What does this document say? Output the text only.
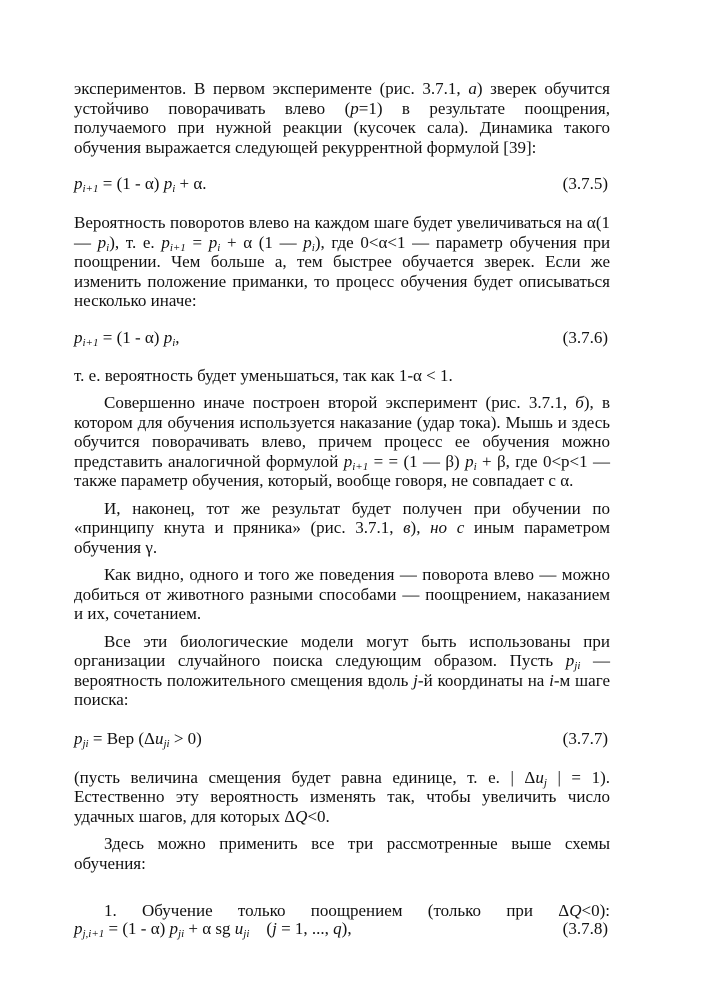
экспериментов. В первом эксперименте (рис. 3.7.1, а) зверек обучится устойчиво поворачивать влево (р=1) в результате поощрения, получаемого при нужной реакции (кусочек сала). Динамика такого обучения выражается следующей рекуррентной формулой [39]:

$p_{i+1} = (1 - \alpha) p_i + \alpha$.	(3.7.5)

Вероятность поворотов влево на каждом шаге будет увеличиваться на α(1— $p_i$), т. е. $p_{i+1} = p_i + \alpha$ (1 — $p_i$), где 0<α<1 — параметр обучения при поощрении. Чем больше а, тем быстрее обучается зверек. Если же изменить положение приманки, то процесс обучения будет описываться несколько иначе:

$p_{i+1} = (1 - \alpha)$ $p_i$,	(3.7.6)

т. е. вероятность будет уменьшаться, так как 1-α < 1.

Совершенно иначе построен второй эксперимент (рис. 3.7.1, б), в котором для обучения используется наказание (удар тока). Мышь и здесь обучится поворачивать влево, причем процесс ее обучения можно представить аналогичной формулой $p_{i+1}$ = = (1 — β) $p_i + \beta$, где 0<p<1 — также параметр обучения, который, вообще говоря, не совпадает с α.

И, наконец, тот же результат будет получен при обучении по «принципу кнута и пряника» (рис. 3.7.1, в), но с иным параметром обучения γ.

Как видно, одного и того же поведения — поворота влево — можно добиться от животного разными способами — поощрением, наказанием и их, сочетанием.

Все эти биологические модели могут быть использованы при организации случайного поиска следующим образом. Пусть $p_{ji}$ — вероятность положительного смещения вдоль j-й координаты на i-м шаге поиска:

$p_{ji}$ = Вер $(\Delta u_{ji} > 0)$	(3.7.7)

(пусть величина смещения будет равна единице, т. е. | $\Delta u_j$ | = 1). Естественно эту вероятность изменять так, чтобы увеличить число удачных шагов, для которых ΔQ<0.

Здесь можно применить все три рассмотренные выше схемы обучения:

1. Обучение только поощрением (только при ΔQ<0):

$p_{j,i+1} = (1 - \alpha) p_{ji} + \alpha$ sg $u_{ji}$    (j = 1, ..., q),	(3.7.8)
